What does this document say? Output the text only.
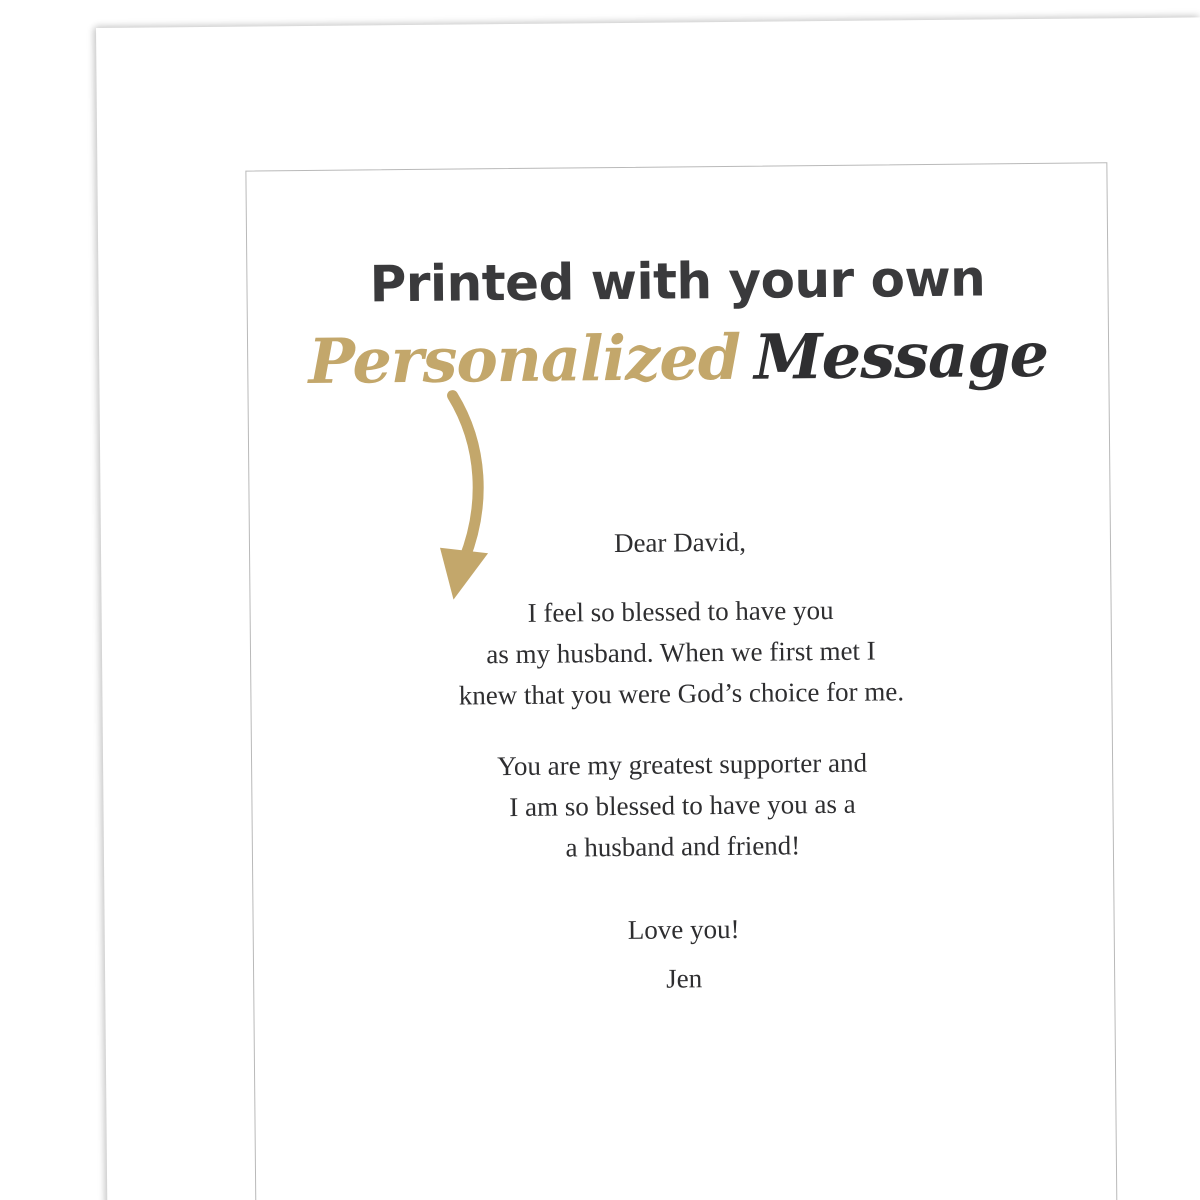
Printed with your own
Personalized Message
Dear David,

I feel so blessed to have you
as my husband. When we first met I
knew that you were God’s choice for me.

You are my greatest supporter and
I am so blessed to have you as a
a husband and friend!

Love you!
Jen
